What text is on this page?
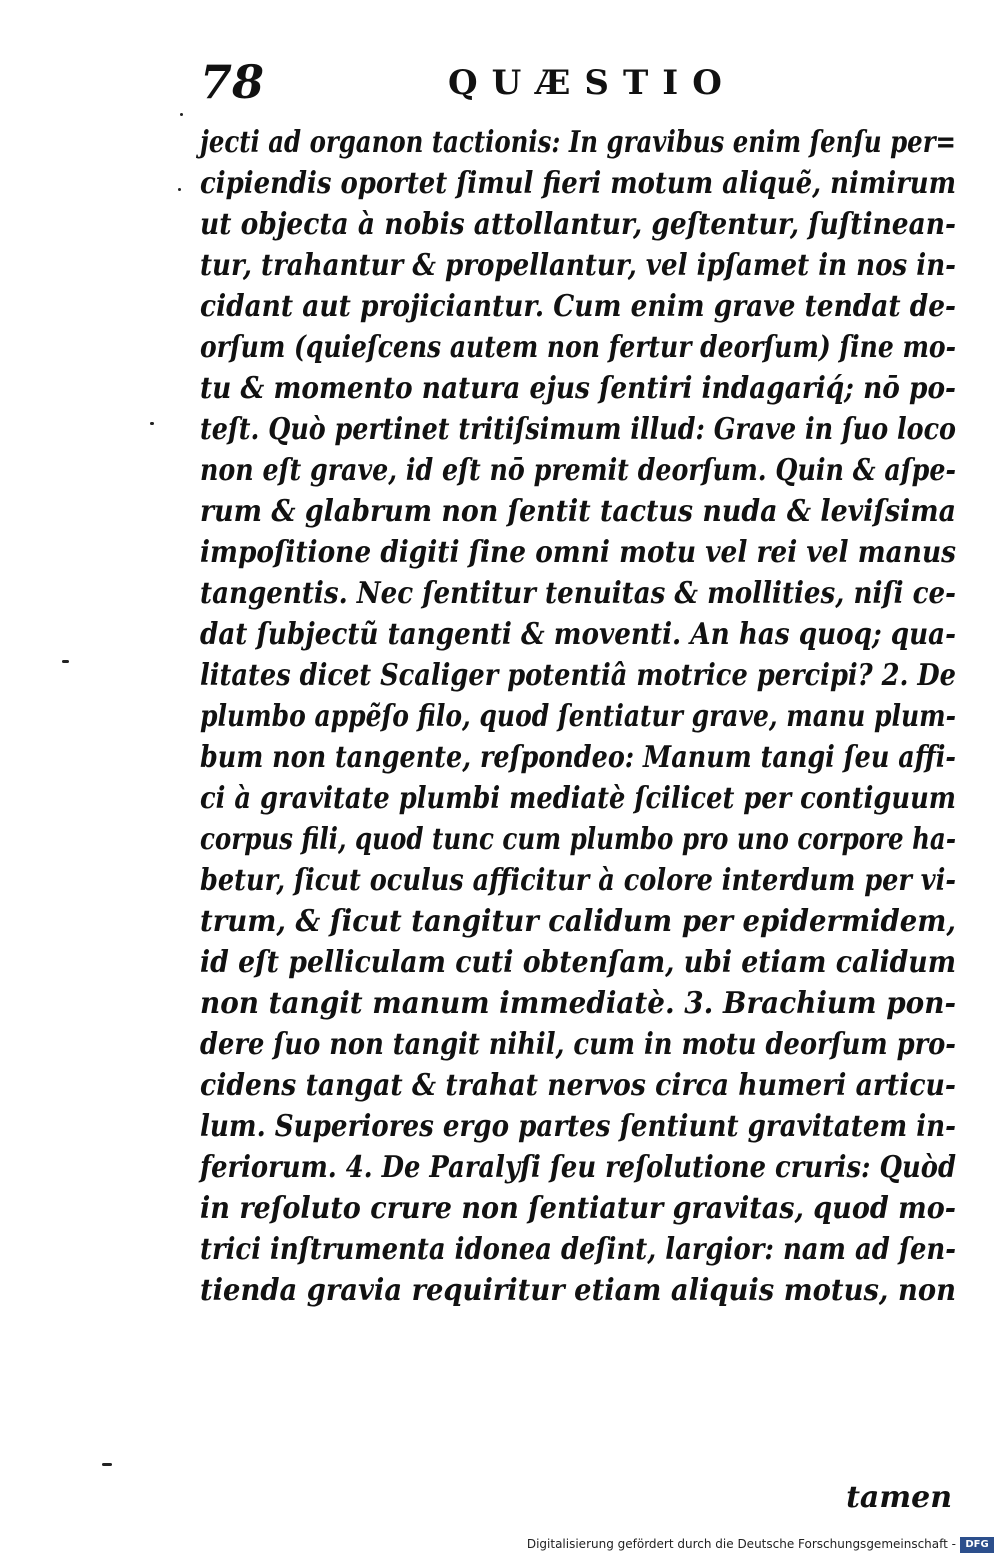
78	QUÆSTIO
jecti ad organon tactionis: In gravibus enim ſenſu per=
cipiendis oportet ſimul fieri motum aliquẽ, nimirum
ut objecta à nobis attollantur, geſtentur, ſuſtinean-
tur, trahantur & propellantur, vel ipſamet in nos in-
cidant aut projiciantur. Cum enim grave tendat de-
orſum (quieſcens autem non fertur deorſum) ſine mo-
tu & momento natura ejus ſentiri indagariq́; nō po-
teſt. Quò pertinet tritiſsimum illud: Grave in ſuo loco
non eſt grave, id eſt nō premit deorſum. Quin & aſpe-
rum & glabrum non ſentit tactus nuda & leviſsima
impoſitione digiti ſine omni motu vel rei vel manus
tangentis. Nec ſentitur tenuitas & mollities, niſi ce-
dat ſubjectũ tangenti & moventi. An has quoq; qua-
litates dicet Scaliger potentiâ motrice percipi? 2. De
plumbo appẽſo filo, quod ſentiatur grave, manu plum-
bum non tangente, reſpondeo: Manum tangi ſeu affi-
ci à gravitate plumbi mediatè ſcilicet per contiguum
corpus fili, quod tunc cum plumbo pro uno corpore ha-
betur, ſicut oculus afficitur à colore interdum per vi-
trum, & ſicut tangitur calidum per epidermidem,
id eſt pelliculam cuti obtenſam, ubi etiam calidum
non tangit manum immediatè. 3. Brachium pon-
dere ſuo non tangit nihil, cum in motu deorſum pro-
cidens tangat & trahat nervos circa humeri articu-
lum. Superiores ergo partes ſentiunt gravitatem in-
feriorum. 4. De Paralyſi ſeu reſolutione cruris: Quòd
in reſoluto crure non ſentiatur gravitas, quod mo-
trici inſtrumenta idonea deſint, largior: nam ad ſen-
tienda gravia requiritur etiam aliquis motus, non
tamen
Digitalisierung gefördert durch die Deutsche Forschungsgemeinschaft - DFG
